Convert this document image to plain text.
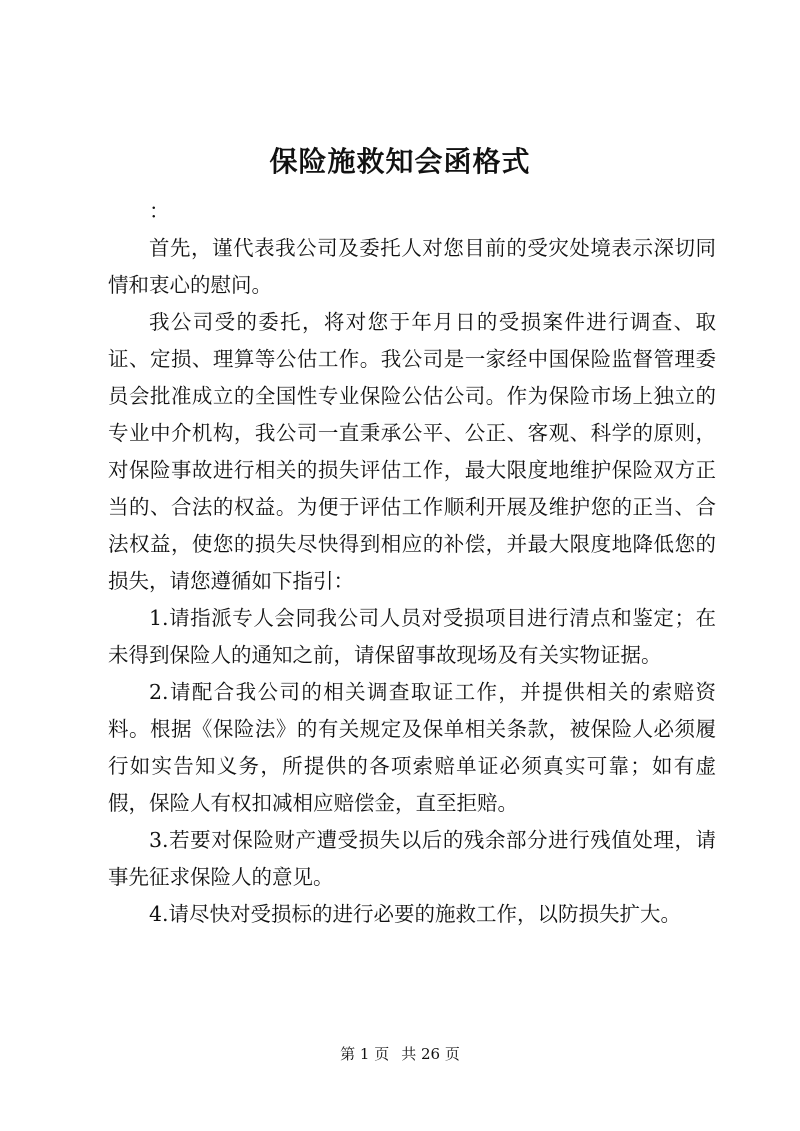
保险施救知会函格式

：

首先，谨代表我公司及委托人对您目前的受灾处境表示深切同情和衷心的慰问。

我公司受的委托，将对您于年月日的受损案件进行调查、取证、定损、理算等公估工作。我公司是一家经中国保险监督管理委员会批准成立的全国性专业保险公估公司。作为保险市场上独立的专业中介机构，我公司一直秉承公平、公正、客观、科学的原则，对保险事故进行相关的损失评估工作，最大限度地维护保险双方正当的、合法的权益。为便于评估工作顺利开展及维护您的正当、合法权益，使您的损失尽快得到相应的补偿，并最大限度地降低您的损失，请您遵循如下指引：

1.请指派专人会同我公司人员对受损项目进行清点和鉴定；在未得到保险人的通知之前，请保留事故现场及有关实物证据。

2.请配合我公司的相关调查取证工作，并提供相关的索赔资料。根据《保险法》的有关规定及保单相关条款，被保险人必须履行如实告知义务，所提供的各项索赔单证必须真实可靠；如有虚假，保险人有权扣减相应赔偿金，直至拒赔。

3.若要对保险财产遭受损失以后的残余部分进行残值处理，请事先征求保险人的意见。

4.请尽快对受损标的进行必要的施救工作，以防损失扩大。

第 1 页 共 26 页
